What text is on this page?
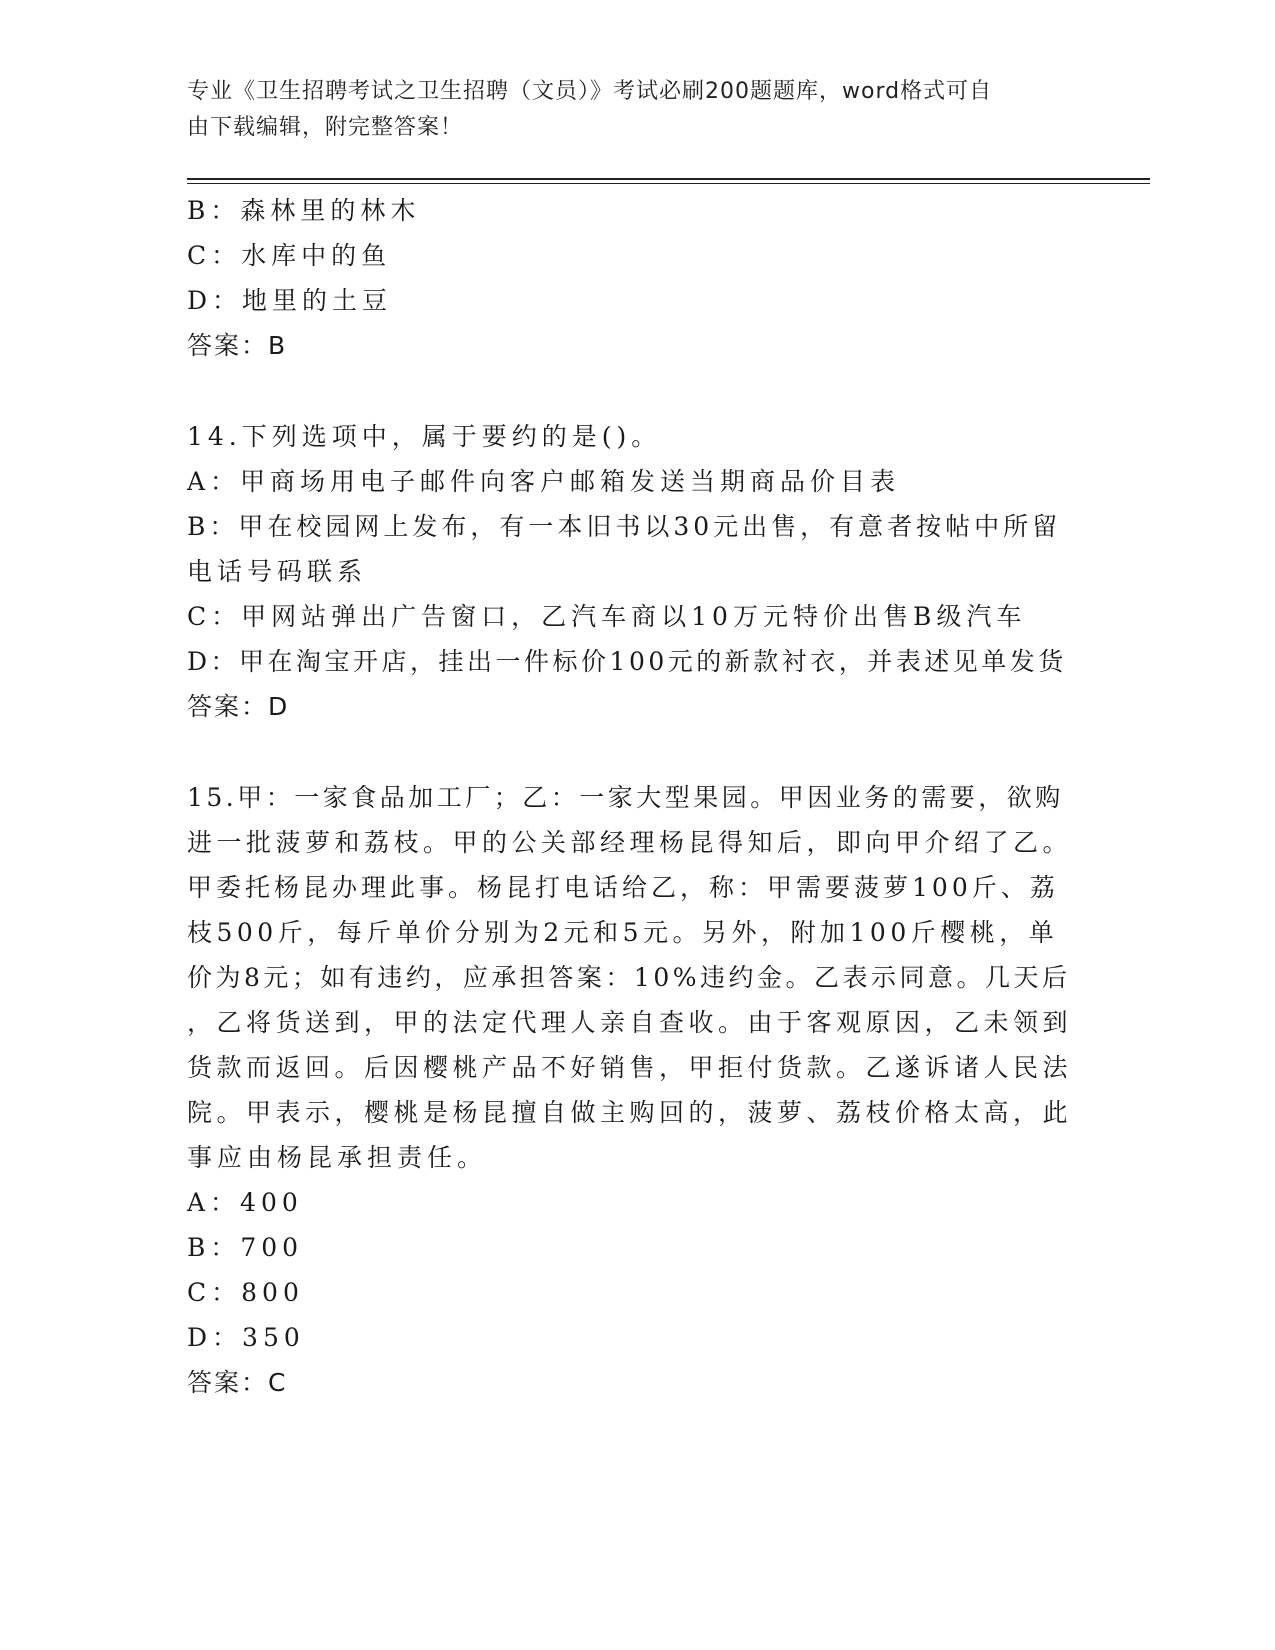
专业《卫生招聘考试之卫生招聘（文员）》考试必刷200题题库，word格式可自
由下载编辑，附完整答案！
B：森林里的林木
C：水库中的鱼
D：地里的土豆
答案：B
14.下列选项中，属于要约的是()。
A：甲商场用电子邮件向客户邮箱发送当期商品价目表
B：甲在校园网上发布，有一本旧书以30元出售，有意者按帖中所留
电话号码联系
C：甲网站弹出广告窗口，乙汽车商以10万元特价出售B级汽车
D：甲在淘宝开店，挂出一件标价100元的新款衬衣，并表述见单发货
答案：D
15.甲：一家食品加工厂；乙：一家大型果园。甲因业务的需要，欲购
进一批菠萝和荔枝。甲的公关部经理杨昆得知后，即向甲介绍了乙。
甲委托杨昆办理此事。杨昆打电话给乙，称：甲需要菠萝100斤、荔
枝500斤，每斤单价分别为2元和5元。另外，附加100斤樱桃，单
价为8元；如有违约，应承担答案：10%违约金。乙表示同意。几天后
，乙将货送到，甲的法定代理人亲自查收。由于客观原因，乙未领到
货款而返回。后因樱桃产品不好销售，甲拒付货款。乙遂诉诸人民法
院。甲表示，樱桃是杨昆擅自做主购回的，菠萝、荔枝价格太高，此
事应由杨昆承担责任。
A：400
B：700
C：800
D：350
答案：C
